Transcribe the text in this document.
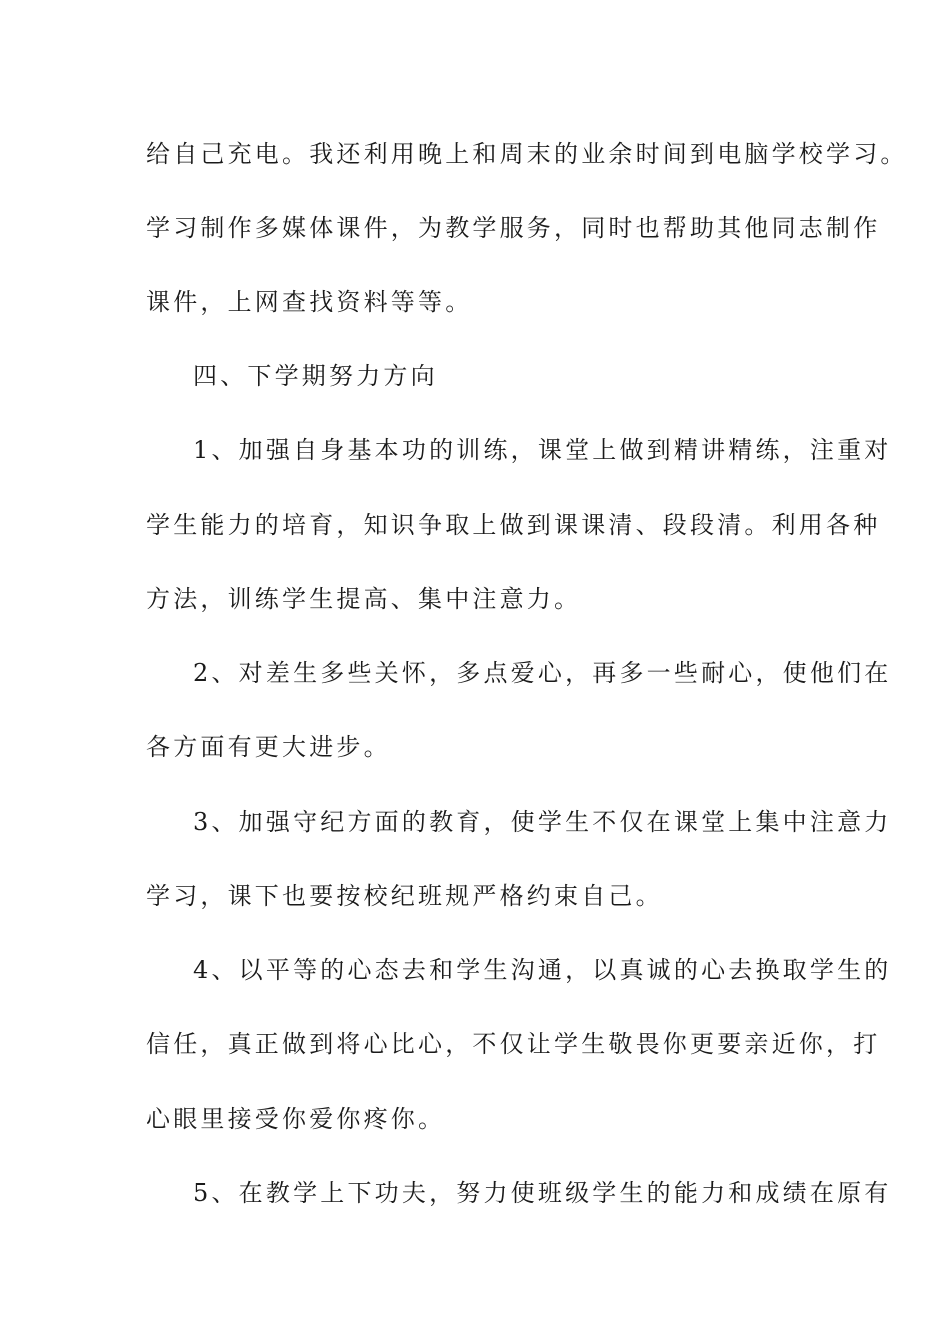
给自己充电。我还利用晚上和周末的业余时间到电脑学校学习。
学习制作多媒体课件，为教学服务，同时也帮助其他同志制作
课件，上网查找资料等等。
四、下学期努力方向
1、加强自身基本功的训练，课堂上做到精讲精练，注重对
学生能力的培育，知识争取上做到课课清、段段清。利用各种
方法，训练学生提高、集中注意力。
2、对差生多些关怀，多点爱心，再多一些耐心，使他们在
各方面有更大进步。
3、加强守纪方面的教育，使学生不仅在课堂上集中注意力
学习，课下也要按校纪班规严格约束自己。
4、以平等的心态去和学生沟通，以真诚的心去换取学生的
信任，真正做到将心比心，不仅让学生敬畏你更要亲近你，打
心眼里接受你爱你疼你。
5、在教学上下功夫，努力使班级学生的能力和成绩在原有
